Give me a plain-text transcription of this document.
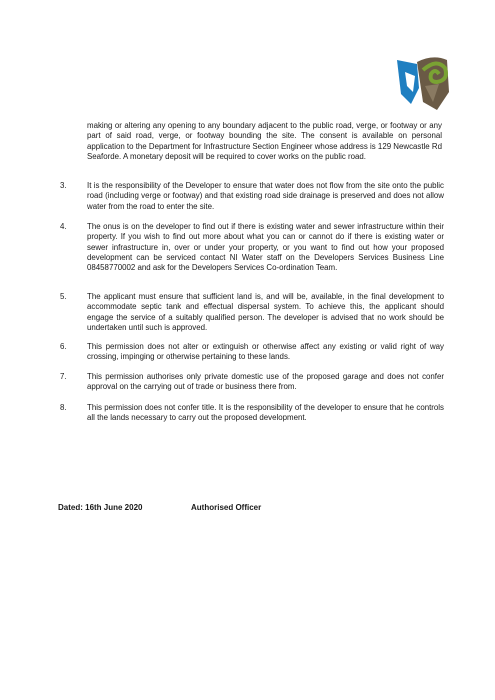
making or altering any opening to any boundary adjacent to the public road, verge, or footway or any part of said road, verge, or footway bounding the site. The consent is available on personal application to the Department for Infrastructure Section Engineer whose address is 129 Newcastle Rd Seaforde. A monetary deposit will be required to cover works on the public road.

3.	It is the responsibility of the Developer to ensure that water does not flow from the site onto the public road (including verge or footway) and that existing road side drainage is preserved and does not allow water from the road to enter the site.

4.	The onus is on the developer to find out if there is existing water and sewer infrastructure within their property. If you wish to find out more about what you can or cannot do if there is existing water or sewer infrastructure in, over or under your property, or you want to find out how your proposed development can be serviced contact NI Water staff on the Developers Services Business Line 08458770002 and ask for the Developers Services Co-ordination Team.

5.	The applicant must ensure that sufficient land is, and will be, available, in the final development to accommodate septic tank and effectual dispersal system. To achieve this, the applicant should engage the service of a suitably qualified person. The developer is advised that no work should be undertaken until such is approved.

6.	This permission does not alter or extinguish or otherwise affect any existing or valid right of way crossing, impinging or otherwise pertaining to these lands.

7.	This permission authorises only private domestic use of the proposed garage and does not confer approval on the carrying out of trade or business there from.

8.	This permission does not confer title. It is the responsibility of the developer to ensure that he controls all the lands necessary to carry out the proposed development.

Dated: 16th June 2020	Authorised Officer
